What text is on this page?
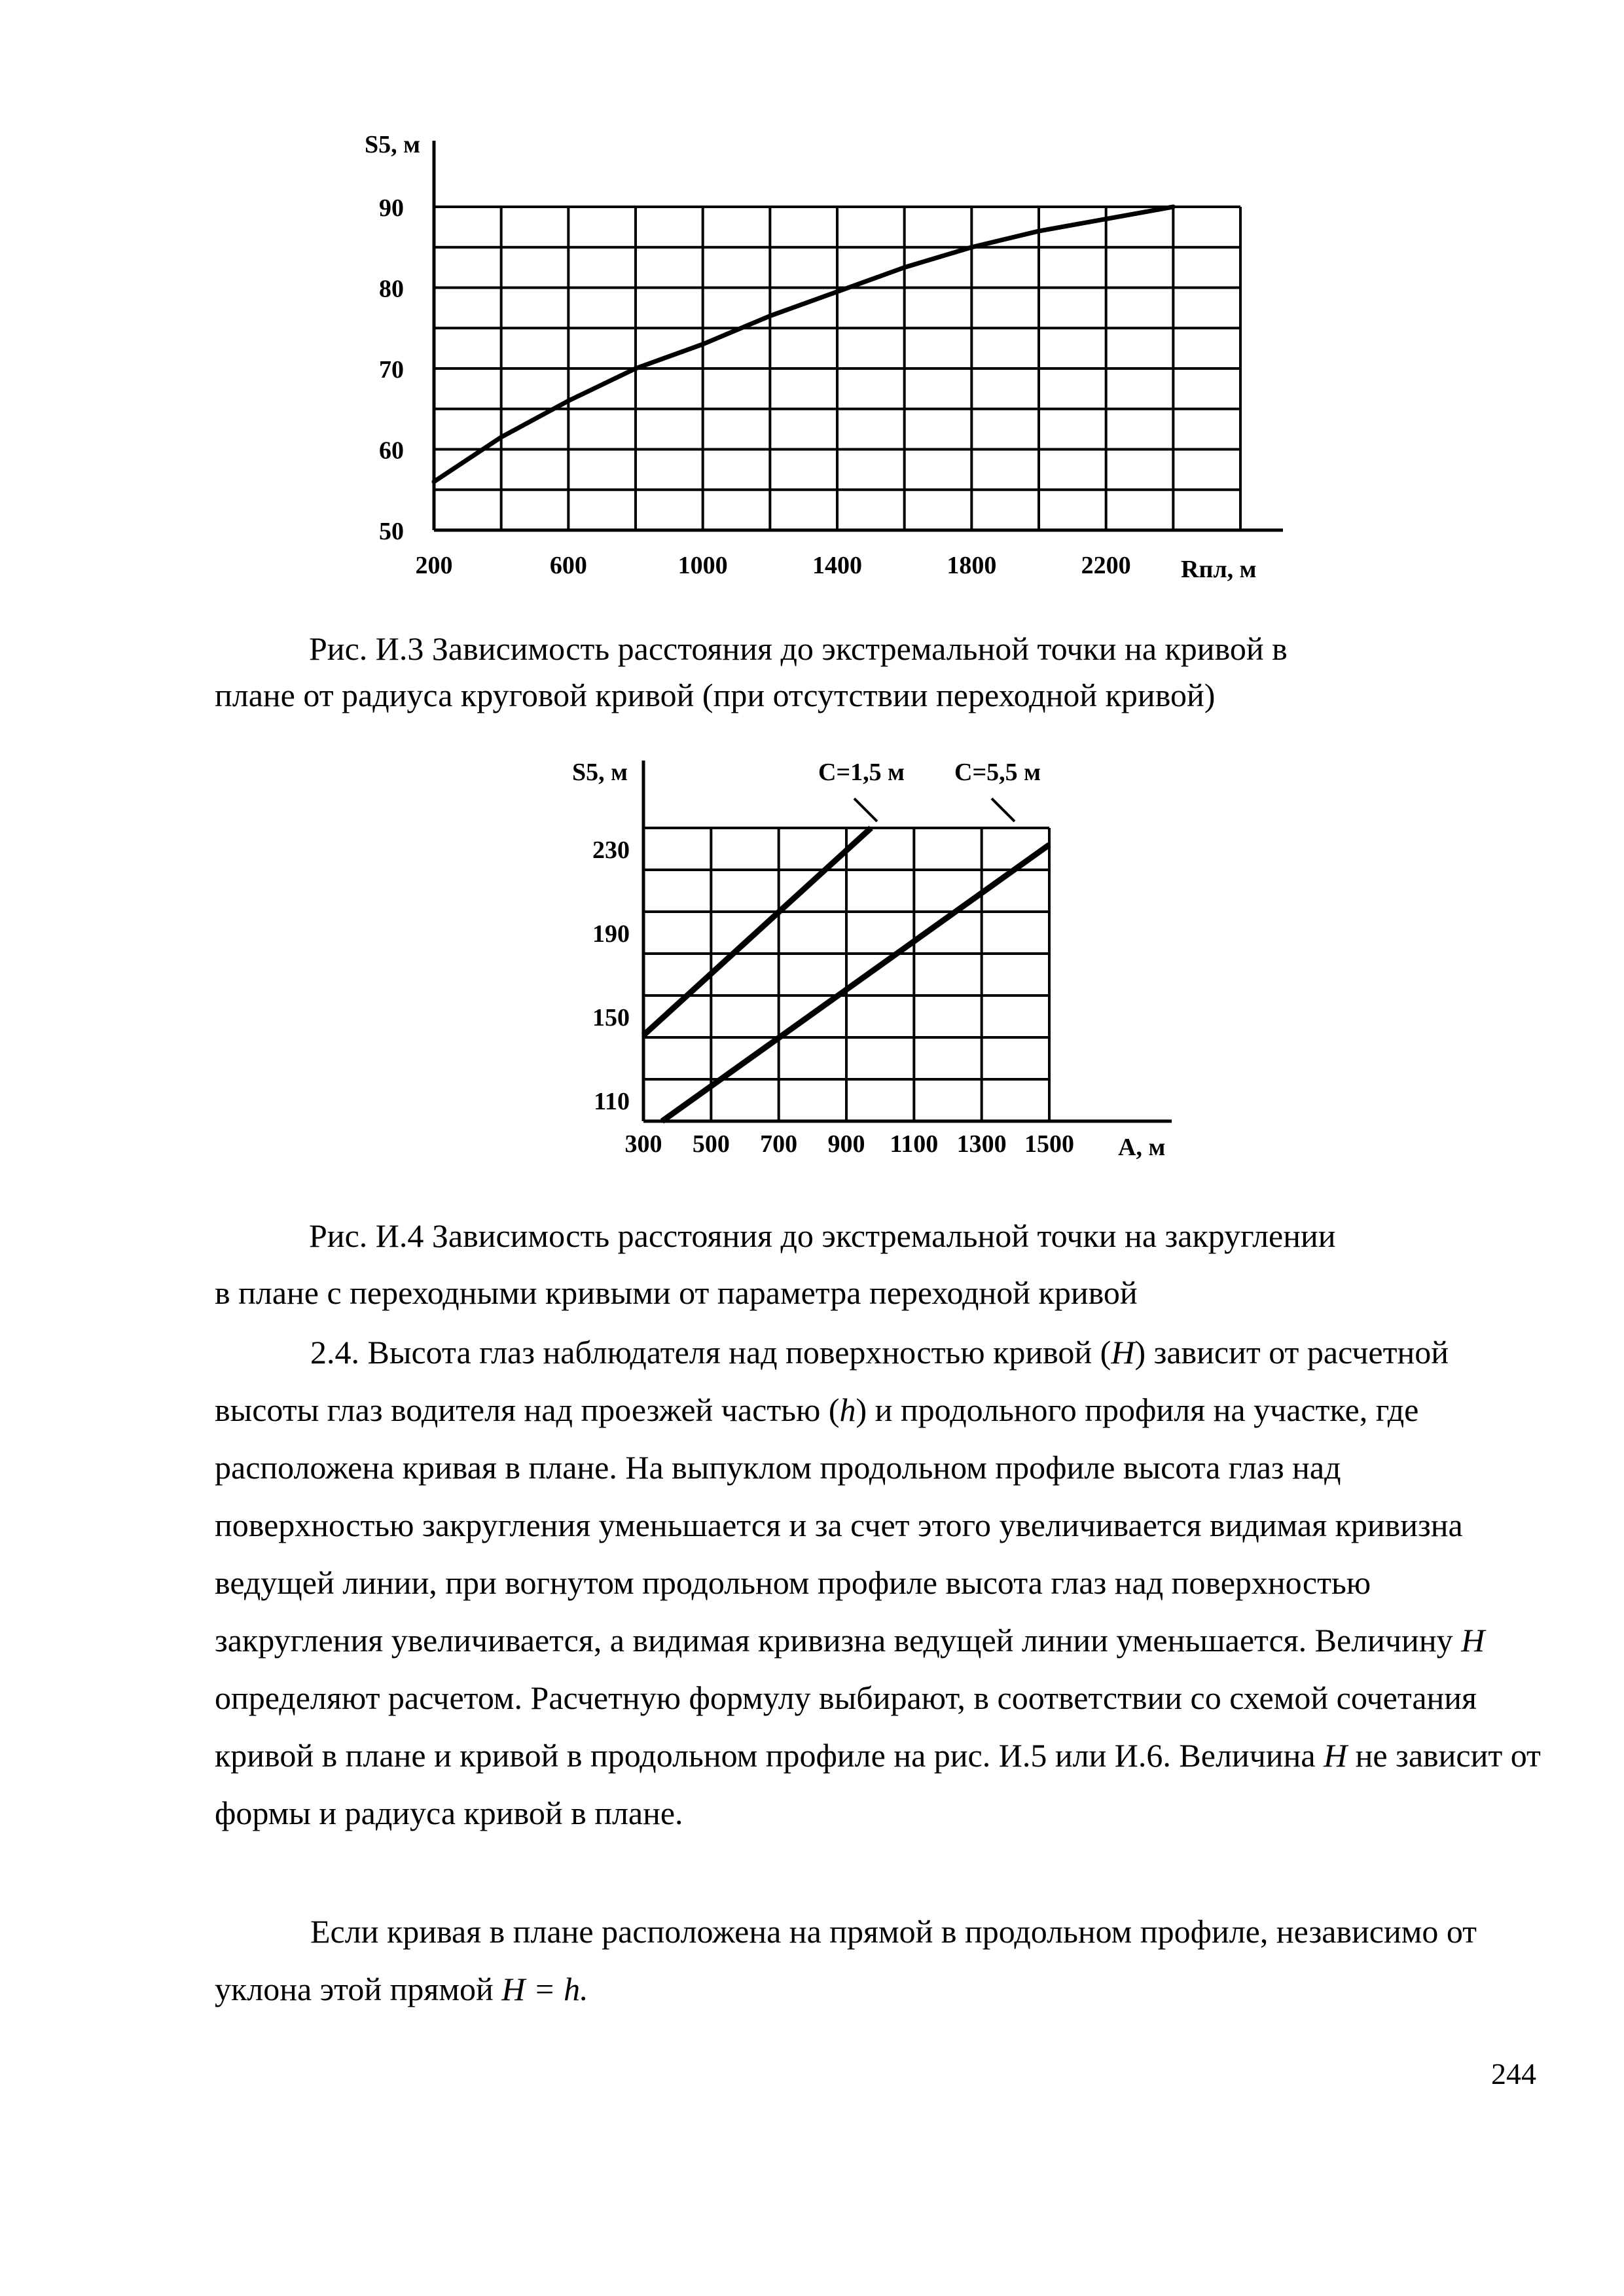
50
60
70
80
90
200	600	1000	1400	1800	2200
S5, м
Rпл, м
110
150
190
230
300 500 700 900 1100 1300 1500
S5, м
A, м
C=1,5 м C=5,5 м

Рис. И.3 Зависимость расстояния до экстремальной точки на кривой в

плане от радиуса круговой кривой (при отсутствии переходной кривой)

Рис. И.4 Зависимость расстояния до экстремальной точки на закруглении

в плане с переходными кривыми от параметра переходной кривой

2.4. Высота глаз наблюдателя над поверхностью кривой (H) зависит от расчетной высоты глаз водителя над проезжей частью (h) и продольного профиля на участке, где расположена кривая в плане. На выпуклом продольном профиле высота глаз над поверхностью закругления уменьшается и за счет этого увеличивается видимая кривизна ведущей линии, при вогнутом продольном профиле высота глаз над поверхностью закругления увеличивается, а видимая кривизна ведущей линии уменьшается. Величину H определяют расчетом. Расчетную формулу выбирают, в соответствии со схемой сочетания кривой в плане и кривой в продольном профиле на рис. И.5 или И.6. Величина H не зависит от формы и радиуса кривой в плане.

Если кривая в плане расположена на прямой в продольном профиле, независимо от уклона этой прямой H = h.

244
